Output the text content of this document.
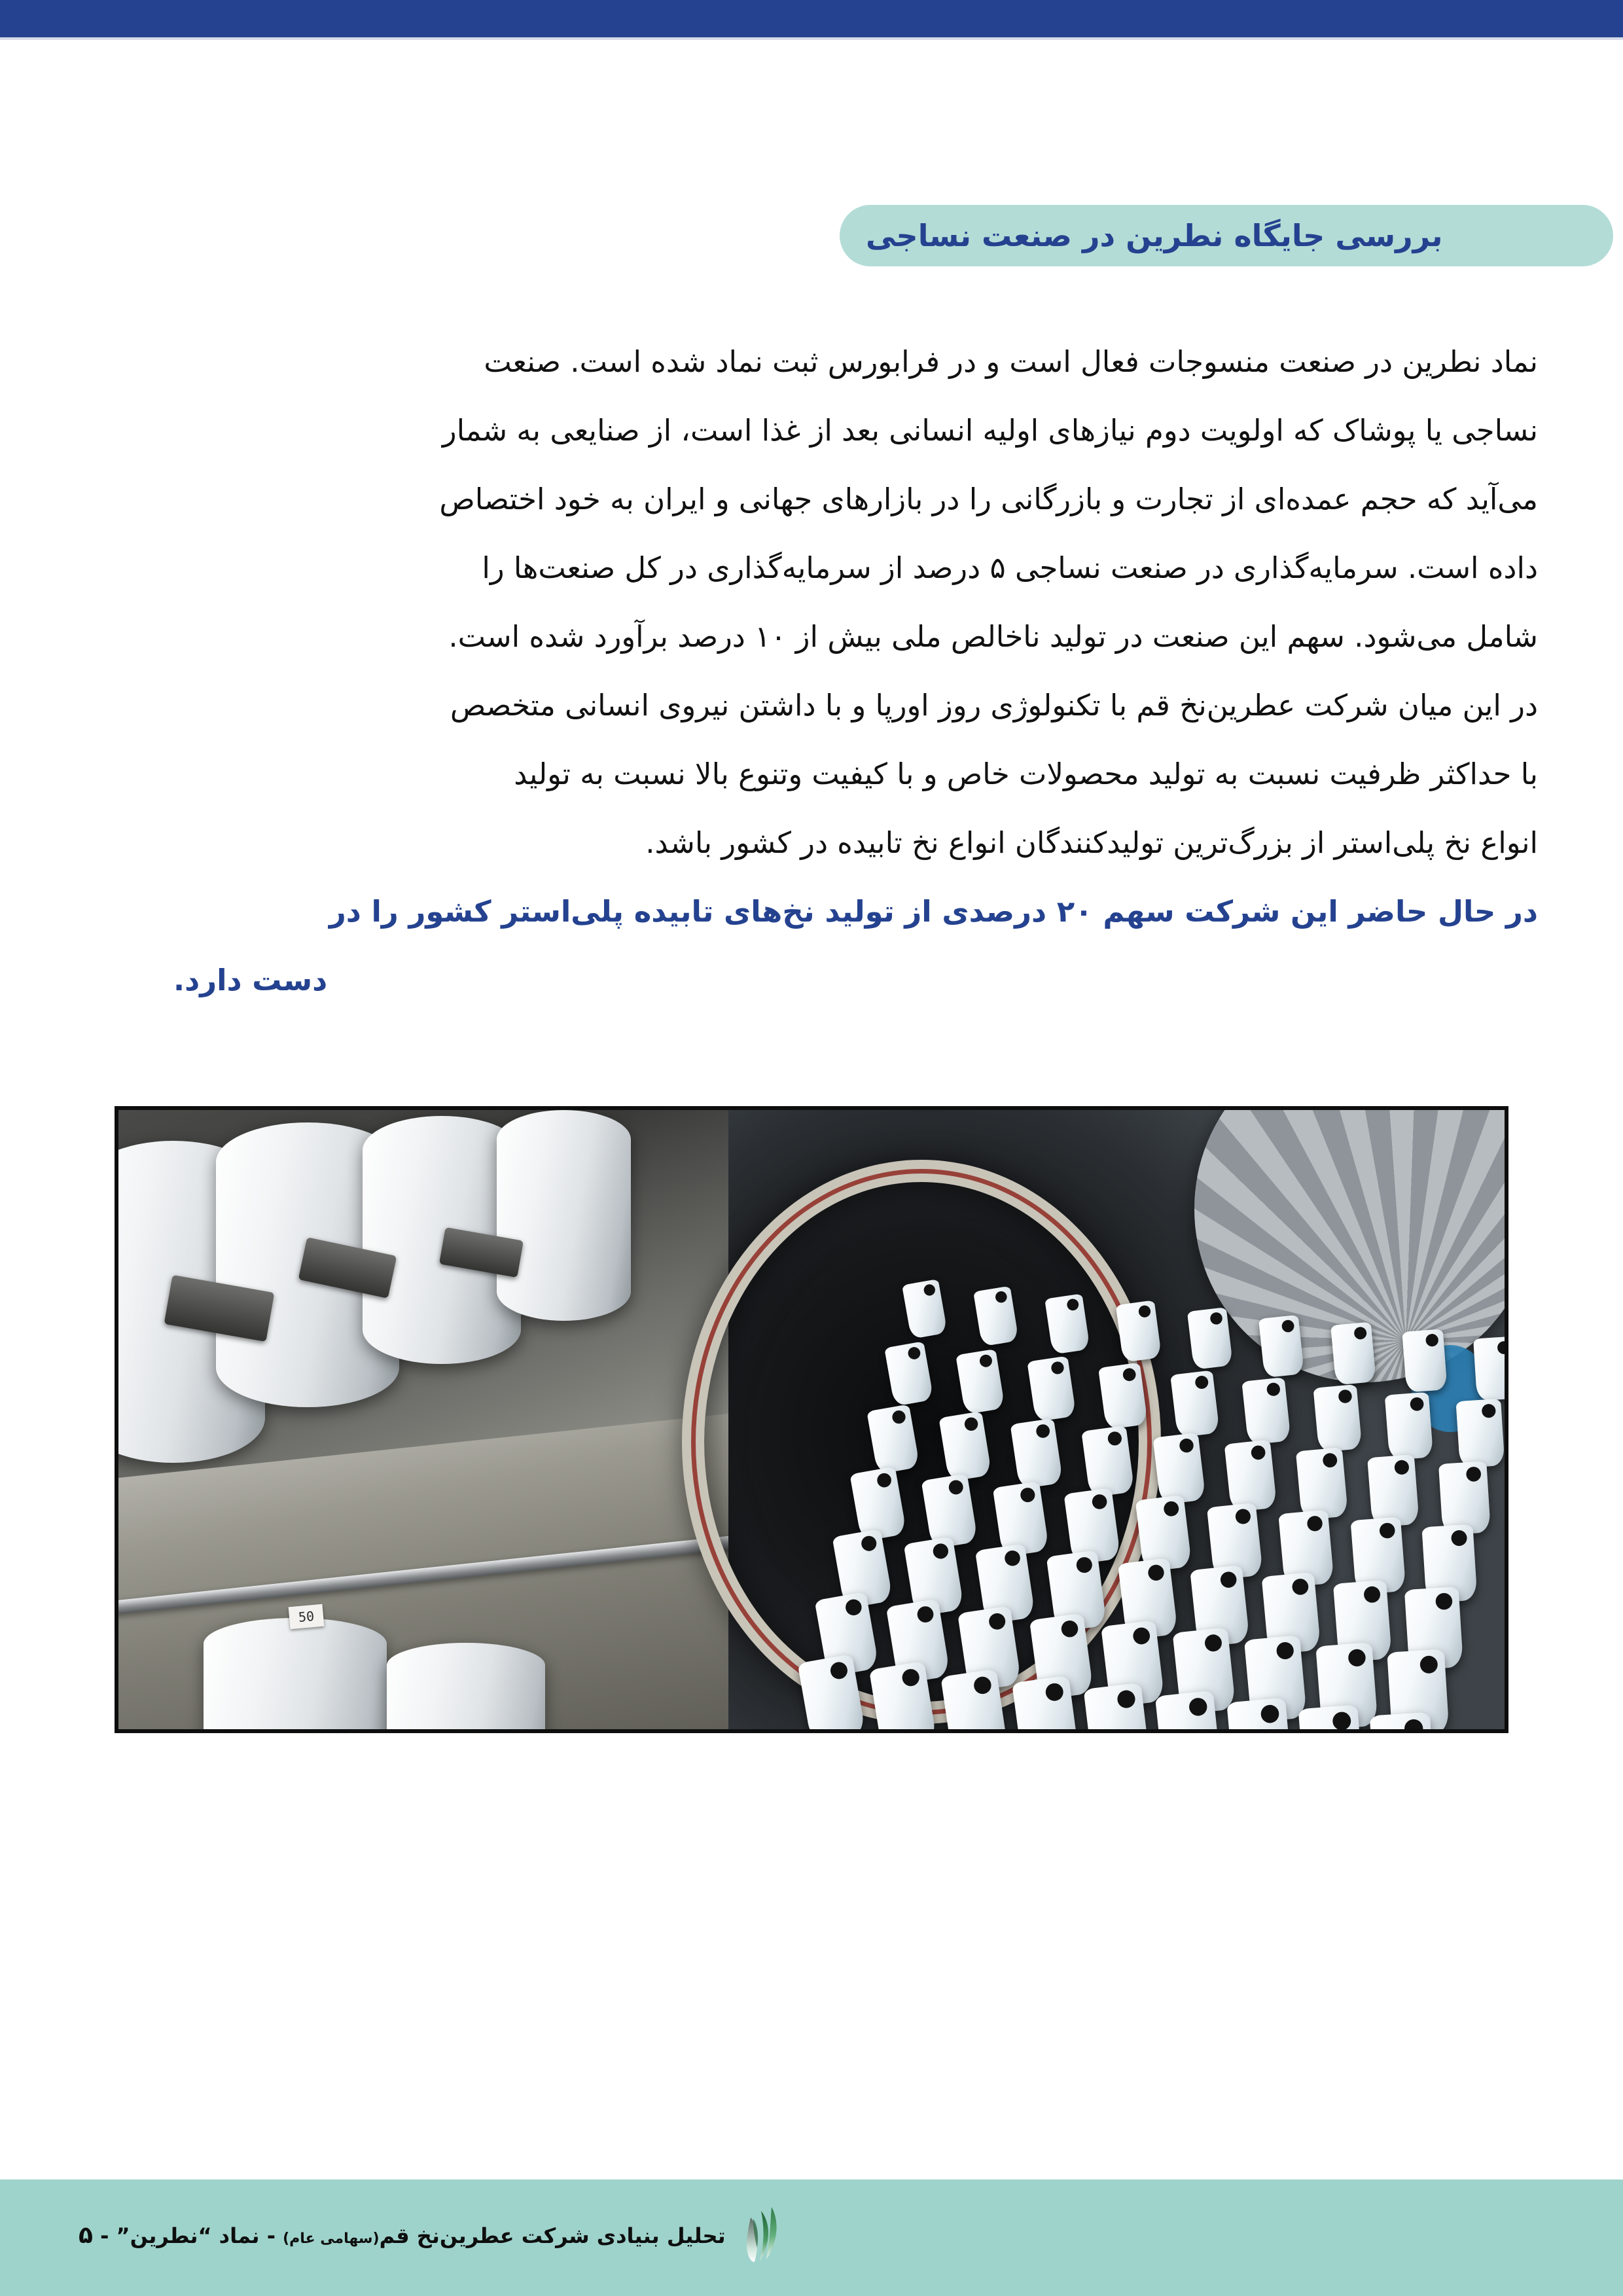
بررسی جایگاه نطرین در صنعت نساجی
نماد نطرین در صنعت منسوجات فعال است و در فرابورس ثبت نماد شده است. صنعت
نساجی یا پوشاک که اولویت دوم نیازهای اولیه انسانی بعد از غذا است، از صنایعی به شمار
می‌آید که حجم عمده‌ای از تجارت و بازرگانی را در بازارهای جهانی و ایران به خود اختصاص
داده است. سرمایه‌گذاری در صنعت نساجی ۵ درصد از سرمایه‌گذاری در کل صنعت‌ها را
شامل می‌شود. سهم این صنعت در تولید ناخالص ملی بیش از ۱۰ درصد برآورد شده است.
در این میان شرکت عطرین‌نخ قم با تکنولوژی روز اورپا و با داشتن نیروی انسانی متخصص
با حداکثر ظرفیت نسبت به تولید محصولات خاص و با کیفیت وتنوع بالا نسبت به تولید
انواع نخ پلی‌استر از بزرگ‌ترین تولیدکنندگان انواع نخ تابیده در کشور باشد.
در حال حاضر این شرکت سهم ۲۰ درصدی از تولید نخ‌های تابیده پلی‌استر کشور را در
دست دارد.
50
تحلیل بنیادی شرکت عطرین‌نخ قم(سهامی عام) - نماد “نطرین” - ۵
